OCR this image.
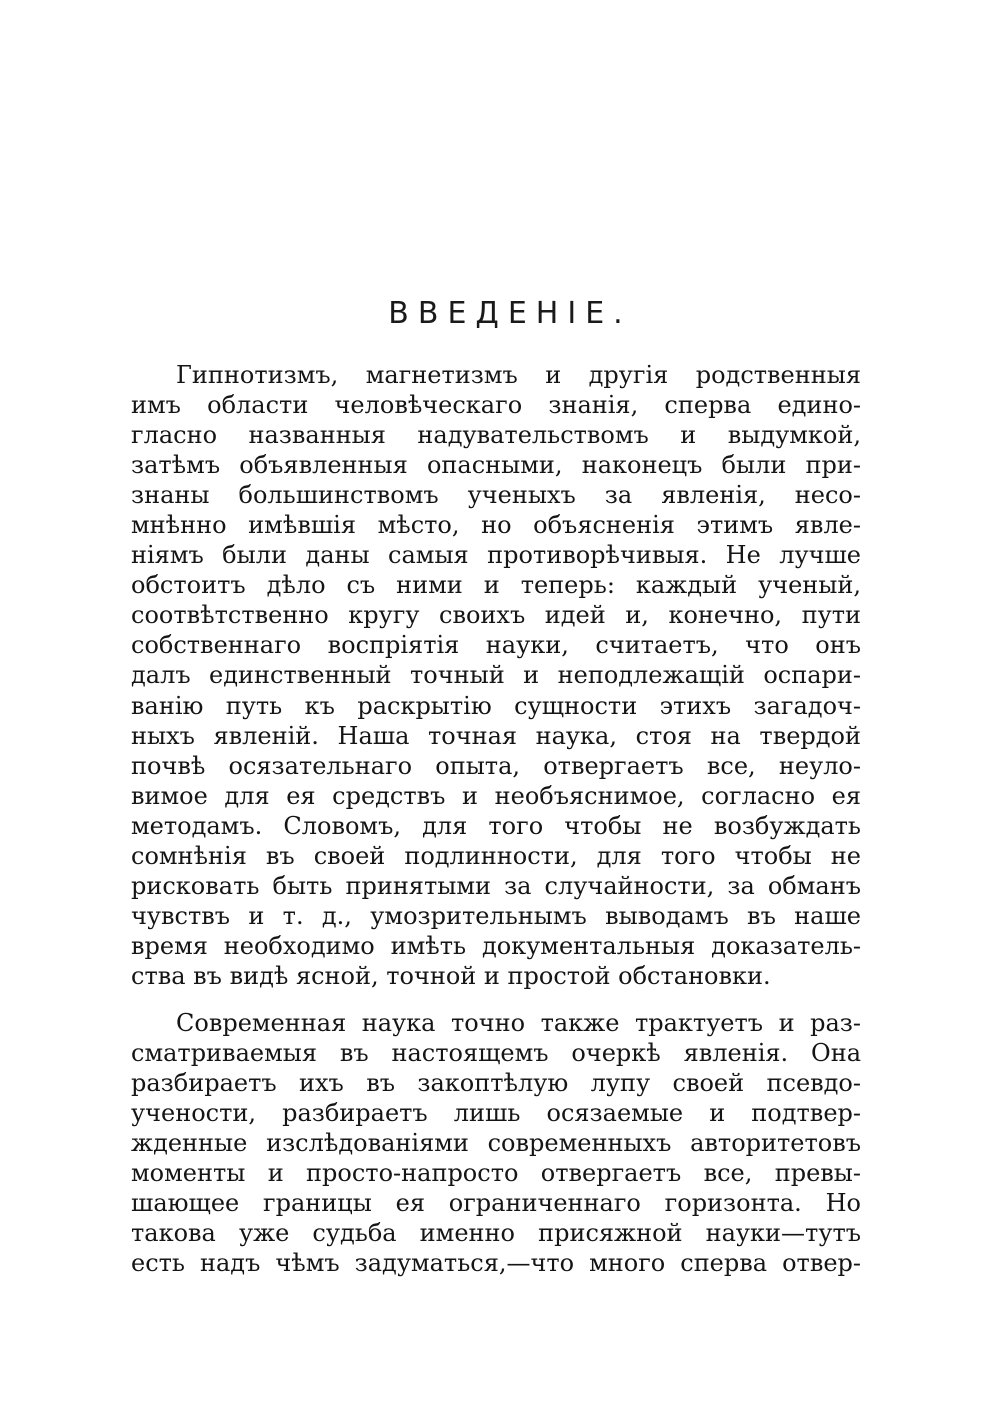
ВВЕДЕНІЕ.
Гипнотизмъ, магнетизмъ и другія родственныя
имъ области человѣческаго знанія, сперва едино-
гласно названныя надувательствомъ и выдумкой,
затѣмъ объявленныя опасными, наконецъ были при-
знаны большинствомъ ученыхъ за явленія, несо-
мнѣнно имѣвшія мѣсто, но объясненія этимъ явле-
ніямъ были даны самыя противорѣчивыя. Не лучше
обстоитъ дѣло съ ними и теперь: каждый ученый,
соотвѣтственно кругу своихъ идей и, конечно, пути
собственнаго воспріятія науки, считаетъ, что онъ
далъ единственный точный и неподлежащій оспари-
ванію путь къ раскрытію сущности этихъ загадоч-
ныхъ явленій. Наша точная наука, стоя на твердой
почвѣ осязательнаго опыта, отвергаетъ все, неуло-
вимое для ея средствъ и необъяснимое, согласно ея
методамъ. Словомъ, для того чтобы не возбуждать
сомнѣнія въ своей подлинности, для того чтобы не
рисковать быть принятыми за случайности, за обманъ
чувствъ и т. д., умозрительнымъ выводамъ въ наше
время необходимо имѣть документальныя доказатель-
ства въ видѣ ясной, точной и простой обстановки.
Современная наука точно также трактуетъ и раз-
сматриваемыя въ настоящемъ очеркѣ явленія. Она
разбираетъ ихъ въ закоптѣлую лупу своей псевдо-
учености, разбираетъ лишь осязаемые и подтвер-
жденные изслѣдованіями современныхъ авторитетовъ
моменты и просто-напросто отвергаетъ все, превы-
шающее границы ея ограниченнаго горизонта. Но
такова уже судьба именно присяжной науки—тутъ
есть надъ чѣмъ задуматься,—что много сперва отвер-
